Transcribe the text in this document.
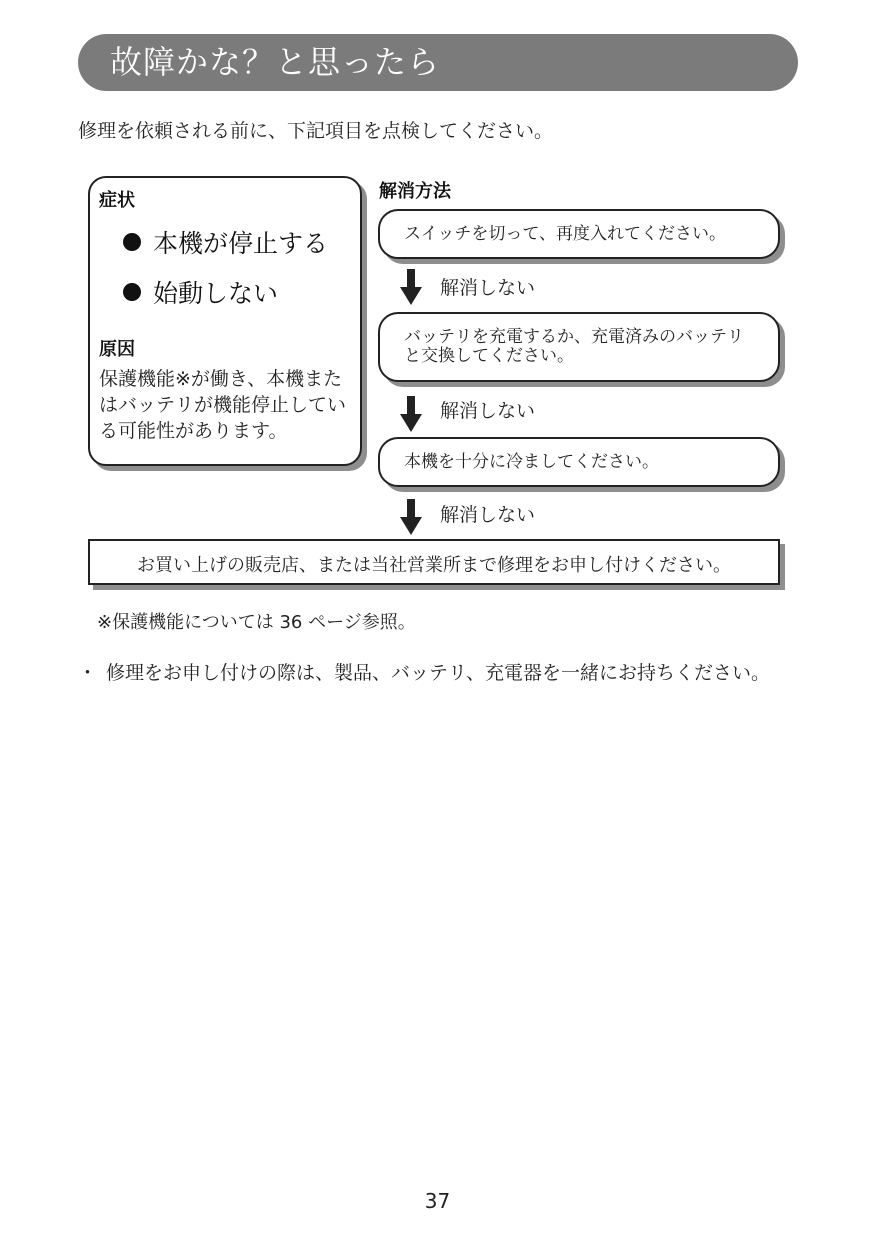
故障かな？と思ったら
修理を依頼される前に、下記項目を点検してください。
症状
本機が停止する
始動しない
原因
保護機能※が働き、本機またはバッテリが機能停止している可能性があります。
解消方法
スイッチを切って、再度入れてください。
解消しない
バッテリを充電するか、充電済みのバッテリと交換してください。
解消しない
本機を十分に冷ましてください。
解消しない
お買い上げの販売店、または当社営業所まで修理をお申し付けください。
※保護機能については 36 ページ参照。
・ 修理をお申し付けの際は、製品、バッテリ、充電器を一緒にお持ちください。
37
